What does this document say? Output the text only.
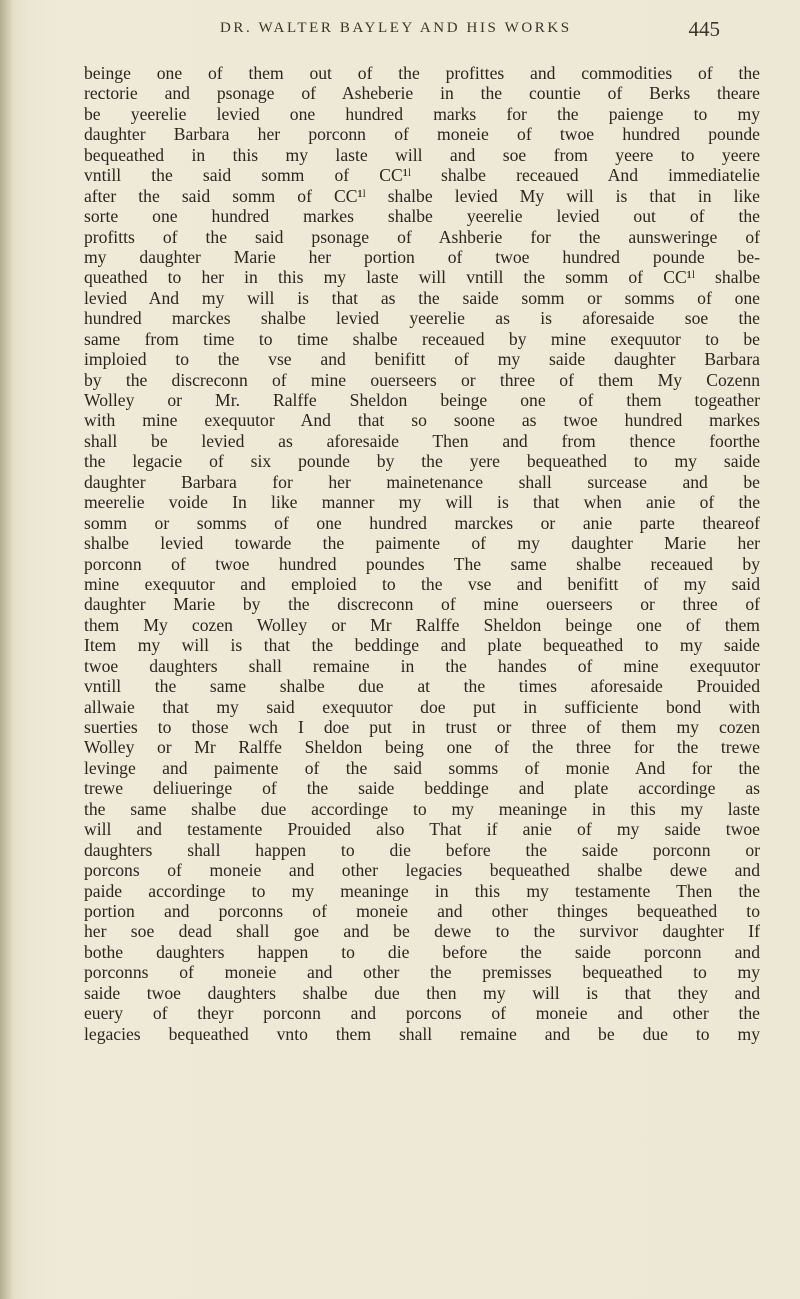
DR. WALTER BAYLEY AND HIS WORKS	445
beinge one of them out of the profittes and commodities of the
rectorie and psonage of Asheberie in the countie of Berks theare
be yeerelie levied one hundred marks for the paienge to my
daughter Barbara her porconn of moneie of twoe hundred pounde
bequeathed in this my laste will and soe from yeere to yeere
vntill the said somm of CC¹ˡ shalbe receaued And immediatelie
after the said somm of CC¹ˡ shalbe levied My will is that in like
sorte one hundred markes shalbe yeerelie levied out of the
profitts of the said psonage of Ashberie for the aunsweringe of
my daughter Marie her portion of twoe hundred pounde be-
queathed to her in this my laste will vntill the somm of CC¹ˡ shalbe
levied And my will is that as the saide somm or somms of one
hundred marckes shalbe levied yeerelie as is aforesaide soe the
same from time to time shalbe receaued by mine exequutor to be
imploied to the vse and benifitt of my saide daughter Barbara
by the discreconn of mine ouerseers or three of them My Cozenn
Wolley or Mr. Ralffe Sheldon beinge one of them togeather
with mine exequutor And that so soone as twoe hundred markes
shall be levied as aforesaide Then and from thence foorthe
the legacie of six pounde by the yere bequeathed to my saide
daughter Barbara for her mainetenance shall surcease and be
meerelie voide In like manner my will is that when anie of the
somm or somms of one hundred marckes or anie parte theareof
shalbe levied towarde the paimente of my daughter Marie her
porconn of twoe hundred poundes The same shalbe receaued by
mine exequutor and emploied to the vse and benifitt of my said
daughter Marie by the discreconn of mine ouerseers or three of
them My cozen Wolley or Mr Ralffe Sheldon beinge one of them
Item my will is that the beddinge and plate bequeathed to my saide
twoe daughters shall remaine in the handes of mine exequutor
vntill the same shalbe due at the times aforesaide Prouided
allwaie that my said exequutor doe put in sufficiente bond with
suerties to those wch I doe put in trust or three of them my cozen
Wolley or Mr Ralffe Sheldon being one of the three for the trewe
levinge and paimente of the said somms of monie And for the
trewe deliueringe of the saide beddinge and plate accordinge as
the same shalbe due accordinge to my meaninge in this my laste
will and testamente Prouided also That if anie of my saide twoe
daughters shall happen to die before the saide porconn or
porcons of moneie and other legacies bequeathed shalbe dewe and
paide accordinge to my meaninge in this my testamente Then the
portion and porconns of moneie and other thinges bequeathed to
her soe dead shall goe and be dewe to the survivor daughter If
bothe daughters happen to die before the saide porconn and
porconns of moneie and other the premisses bequeathed to my
saide twoe daughters shalbe due then my will is that they and
euery of theyr porconn and porcons of moneie and other the
legacies bequeathed vnto them shall remaine and be due to my
